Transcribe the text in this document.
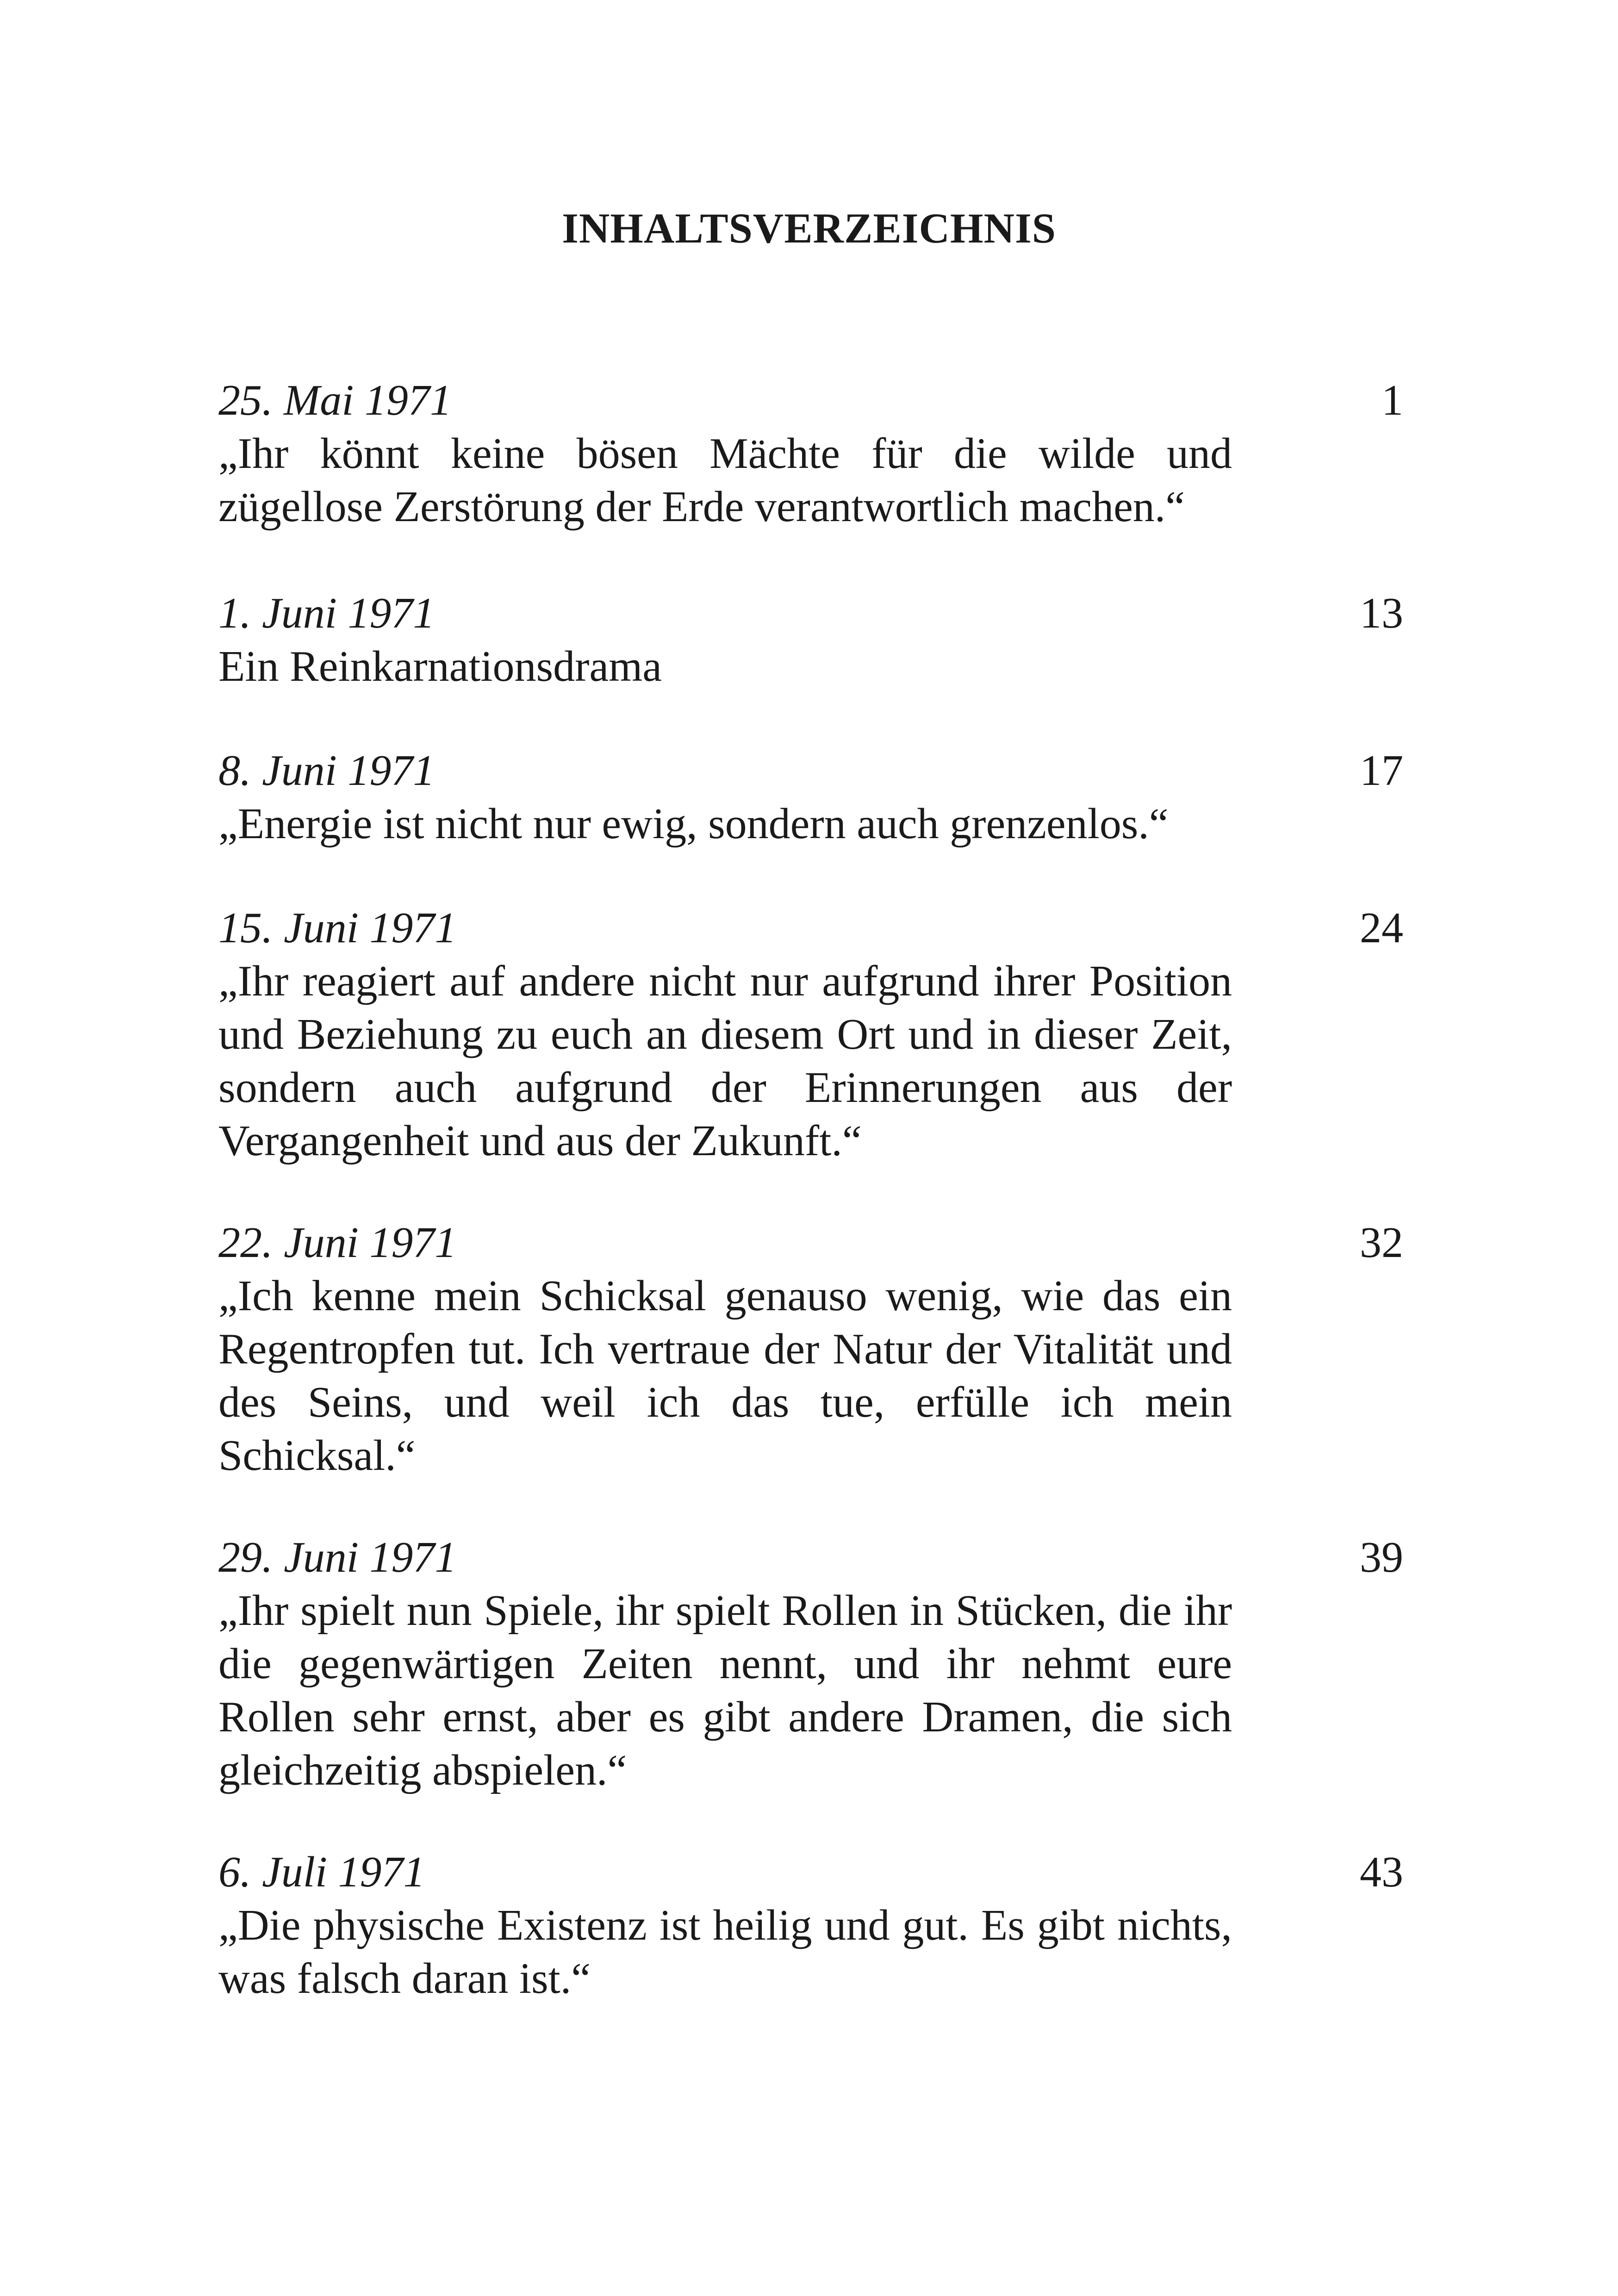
INHALTSVERZEICHNIS
25. Mai 1971	1

„Ihr könnt keine bösen Mächte für die wilde und zügellose Zerstörung der Erde verantwortlich machen.“

1. Juni 1971	13

Ein Reinkarnationsdrama

8. Juni 1971	17

„Energie ist nicht nur ewig, sondern auch grenzenlos.“

15. Juni 1971	24

„Ihr reagiert auf andere nicht nur aufgrund ihrer Position und Beziehung zu euch an diesem Ort und in dieser Zeit, sondern auch aufgrund der Erinnerungen aus der Vergangenheit und aus der Zukunft.“

22. Juni 1971	32

„Ich kenne mein Schicksal genauso wenig, wie das ein Regentropfen tut. Ich vertraue der Natur der Vitalität und des Seins, und weil ich das tue, erfülle ich mein Schicksal.“

29. Juni 1971	39

„Ihr spielt nun Spiele, ihr spielt Rollen in Stücken, die ihr die gegenwärtigen Zeiten nennt, und ihr nehmt eure Rollen sehr ernst, aber es gibt andere Dramen, die sich gleichzeitig abspielen.“

6. Juli 1971	43

„Die physische Existenz ist heilig und gut. Es gibt nichts, was falsch daran ist.“
